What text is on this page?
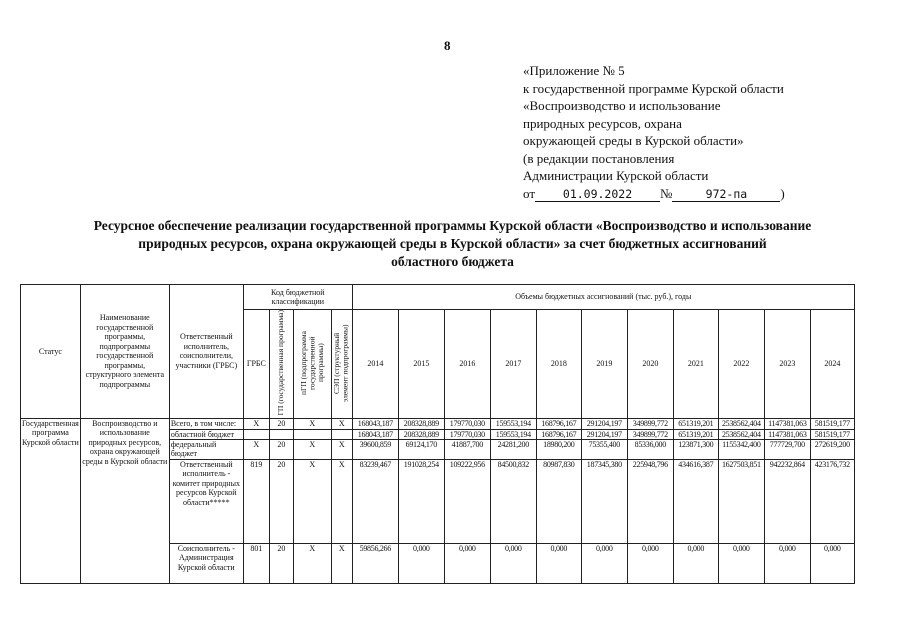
8
«Приложение № 5
к государственной программе Курской области
«Воспроизводство и использование
природных ресурсов, охрана
окружающей среды в Курской области»
(в редакции постановления
Администрации Курской области
от	01.09.2022	№	972-па	)
Ресурсное обеспечение реализации государственной программы Курской области «Воспроизводство и использование
природных ресурсов, охрана окружающей среды в Курской области» за счет бюджетных ассигнований
областного бюджета
Статус	Наименование государственной программы, подпрограммы государственной программы, структурного элемента подпрограммы	Ответственный исполнитель, соисполнители, участники (ГРБС)	Код бюджетной классификации				Объемы бюджетных ассигнований (тыс. руб.), годы										
			ГРБС	ГП (государственная программа)	пГП (подпрограмма государственной программы)	СЭП (структурный элемент подпрограммы)	2014	2015	2016	2017	2018	2019	2020	2021	2022	2023	2024
Государственная программа Курской области	Воспроизводство и использование природных ресурсов, охрана окружающей среды в Курской области	Всего, в том числе:	Х	20	Х	Х	168043,187	208328,889	179770,030	159553,194	168796,167	291204,197	349899,772	651319,201	2538562,404	1147381,063	581519,177
		областной бюджет					168043,187	208328,889	179770,030	159553,194	168796,167	291204,197	349899,772	651319,201	2538562,404	1147381,063	581519,177
		федеральный бюджет	Х	20	Х	Х	39600,859	69124,170	41887,700	24281,200	18980,200	75355,400	85336,000	123871,300	1155342,400	777729,700	272619,200
		Ответственный исполнитель - комитет природных ресурсов Курской области*****	819	20	Х	Х	83239,467	191028,254	109222,956	84500,832	80987,830	187345,380	225948,796	434616,387	1627503,851	942232,864	423176,732
		Соисполнитель - Администрация Курской области	801	20	Х	Х	59856,266	0,000	0,000	0,000	0,000	0,000	0,000	0,000	0,000	0,000	0,000
